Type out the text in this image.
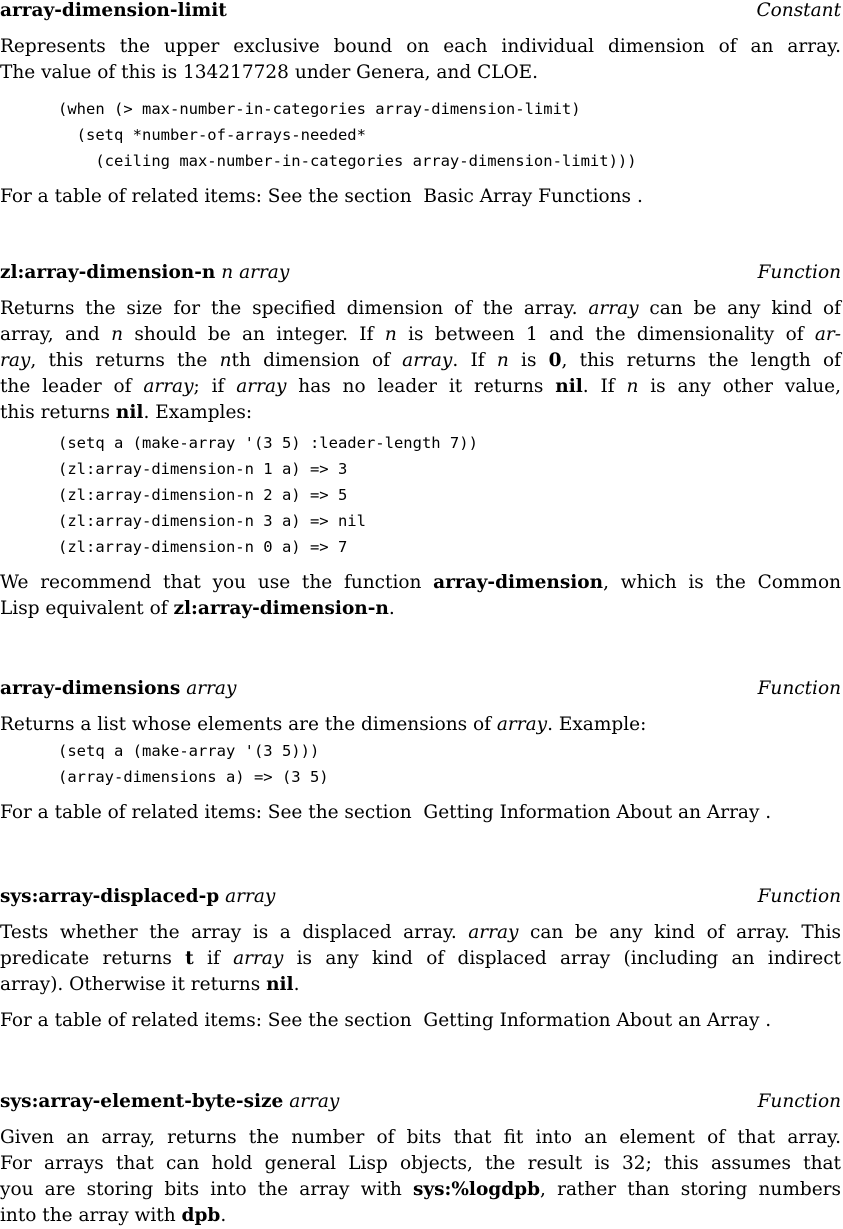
array-dimension-limit	Constant

Represents the upper exclusive bound on each individual dimension of an array.

The value of this is 134217728 under Genera, and CLOE.

(when (> max-number-in-categories array-dimension-limit)
(setq *number-of-arrays-needed*
(ceiling max-number-in-categories array-dimension-limit)))

For a table of related items: See the section Basic Array Functions .

zl:array-dimension-n n array	Function

Returns the size for the specified dimension of the array. array can be any kind of

array, and n should be an integer. If n is between 1 and the dimensionality of ar-

ray, this returns the nth dimension of array. If n is 0, this returns the length of

the leader of array; if array has no leader it returns nil. If n is any other value,

this returns nil. Examples:

(setq a (make-array '(3 5) :leader-length 7))
(zl:array-dimension-n 1 a) => 3
(zl:array-dimension-n 2 a) => 5
(zl:array-dimension-n 3 a) => nil
(zl:array-dimension-n 0 a) => 7

We recommend that you use the function array-dimension, which is the Common

Lisp equivalent of zl:array-dimension-n.

array-dimensions array	Function

Returns a list whose elements are the dimensions of array. Example:

(setq a (make-array '(3 5)))
(array-dimensions a) => (3 5)

For a table of related items: See the section Getting Information About an Array .

sys:array-displaced-p array	Function

Tests whether the array is a displaced array. array can be any kind of array. This

predicate returns t if array is any kind of displaced array (including an indirect

array). Otherwise it returns nil.

For a table of related items: See the section Getting Information About an Array .

sys:array-element-byte-size array	Function

Given an array, returns the number of bits that fit into an element of that array.

For arrays that can hold general Lisp objects, the result is 32; this assumes that

you are storing bits into the array with sys:%logdpb, rather than storing numbers

into the array with dpb.
